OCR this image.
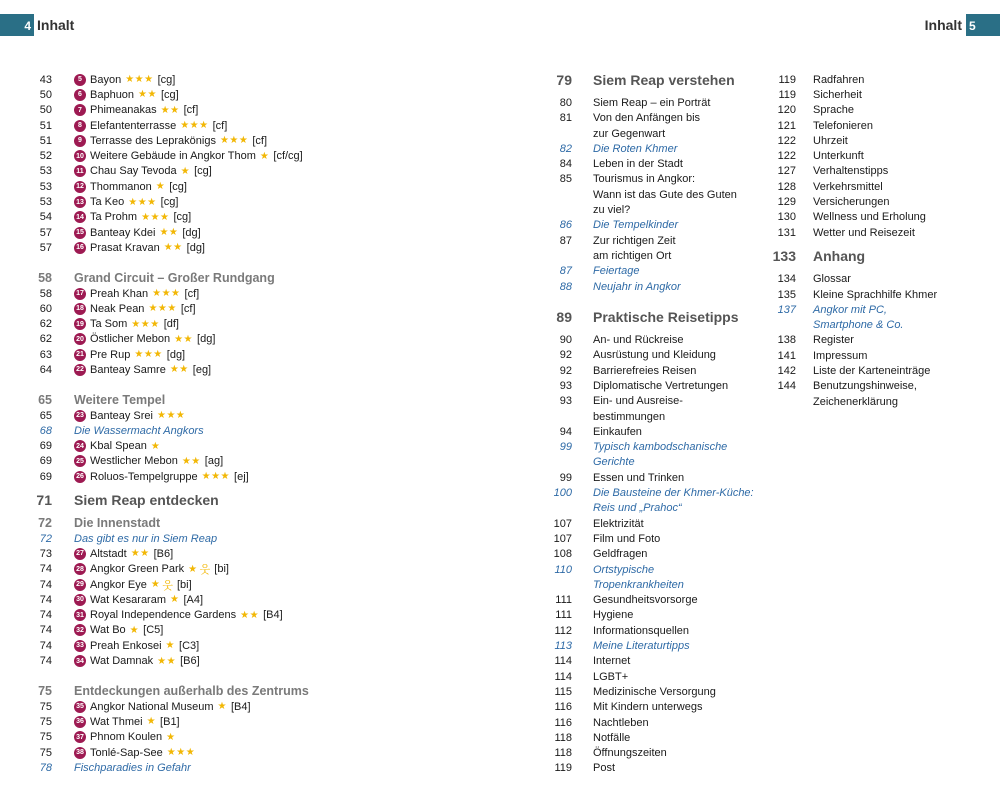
4 Inhalt	Inhalt 5
43	5 Bayon ★★★ [cg]
50	6 Baphuon ★★ [cg]
50	7 Phimeanakas ★★ [cf]
51	8 Elefantenterrasse ★★★ [cf]
51	9 Terrasse des Leprakönigs ★★★ [cf]
52	10 Weitere Gebäude in Angkor Thom ★ [cf/cg]
53	11 Chau Say Tevoda ★ [cg]
53	12 Thommanon ★ [cg]
53	13 Ta Keo ★★★ [cg]
54	14 Ta Prohm ★★★ [cg]
57	15 Banteay Kdei ★★ [dg]
57	16 Prasat Kravan ★★ [dg]
58 Grand Circuit – Großer Rundgang
58	17 Preah Khan ★★★ [cf]
60	18 Neak Pean ★★★ [cf]
62	19 Ta Som ★★★ [df]
62	20 Östlicher Mebon ★★ [dg]
63	21 Pre Rup ★★★ [dg]
64	22 Banteay Samre ★★ [eg]
65 Weitere Tempel
65	23 Banteay Srei ★★★
68 Die Wassermacht Angkors
69	24 Kbal Spean ★
69	25 Westlicher Mebon ★★ [ag]
69	26 Roluos-Tempelgruppe ★★★ [ej]
71 Siem Reap entdecken
72 Die Innenstadt
72 Das gibt es nur in Siem Reap
73	27 Altstadt ★★ [B6]
74	28 Angkor Green Park ★ 웃 [bi]
74	29 Angkor Eye ★ 웃 [bi]
74	30 Wat Kesararam ★ [A4]
74	31 Royal Independence Gardens ★★ [B4]
74	32 Wat Bo ★ [C5]
74	33 Preah Enkosei ★ [C3]
74	34 Wat Damnak ★★ [B6]
75 Entdeckungen außerhalb des Zentrums
75	35 Angkor National Museum ★ [B4]
75	36 Wat Thmei ★ [B1]
75	37 Phnom Koulen ★
75	38 Tonlé-Sap-See ★★★
78 Fischparadies in Gefahr
79 Siem Reap verstehen
80 Siem Reap – ein Porträt
81 Von den Anfängen bis
zur Gegenwart
82 Die Roten Khmer
84 Leben in der Stadt
85 Tourismus in Angkor:
Wann ist das Gute des Guten
zu viel?
86 Die Tempelkinder
87 Zur richtigen Zeit
am richtigen Ort
87 Feiertage
88 Neujahr in Angkor
89 Praktische Reisetipps
90 An- und Rückreise
92 Ausrüstung und Kleidung
92 Barrierefreies Reisen
93 Diplomatische Vertretungen
93 Ein- und Ausreise-
bestimmungen
94 Einkaufen
99 Typisch kambodschanische
Gerichte
99 Essen und Trinken
100 Die Bausteine der Khmer-Küche:
Reis und „Prahoc“
107 Elektrizität
107 Film und Foto
108 Geldfragen
110 Ortstypische
Tropenkrankheiten
111 Gesundheitsvorsorge
111 Hygiene
112 Informationsquellen
113 Meine Literaturtipps
114 Internet
114 LGBT+
115 Medizinische Versorgung
116 Mit Kindern unterwegs
116 Nachtleben
118 Notfälle
118 Öffnungszeiten
119 Post
119 Radfahren
119 Sicherheit
120 Sprache
121 Telefonieren
122 Uhrzeit
122 Unterkunft
127 Verhaltenstipps
128 Verkehrsmittel
129 Versicherungen
130 Wellness und Erholung
131 Wetter und Reisezeit
133 Anhang
134 Glossar
135 Kleine Sprachhilfe Khmer
137 Angkor mit PC,
Smartphone & Co.
138 Register
141 Impressum
142 Liste der Karteneinträge
144 Benutzungshinweise,
Zeichenerklärung
